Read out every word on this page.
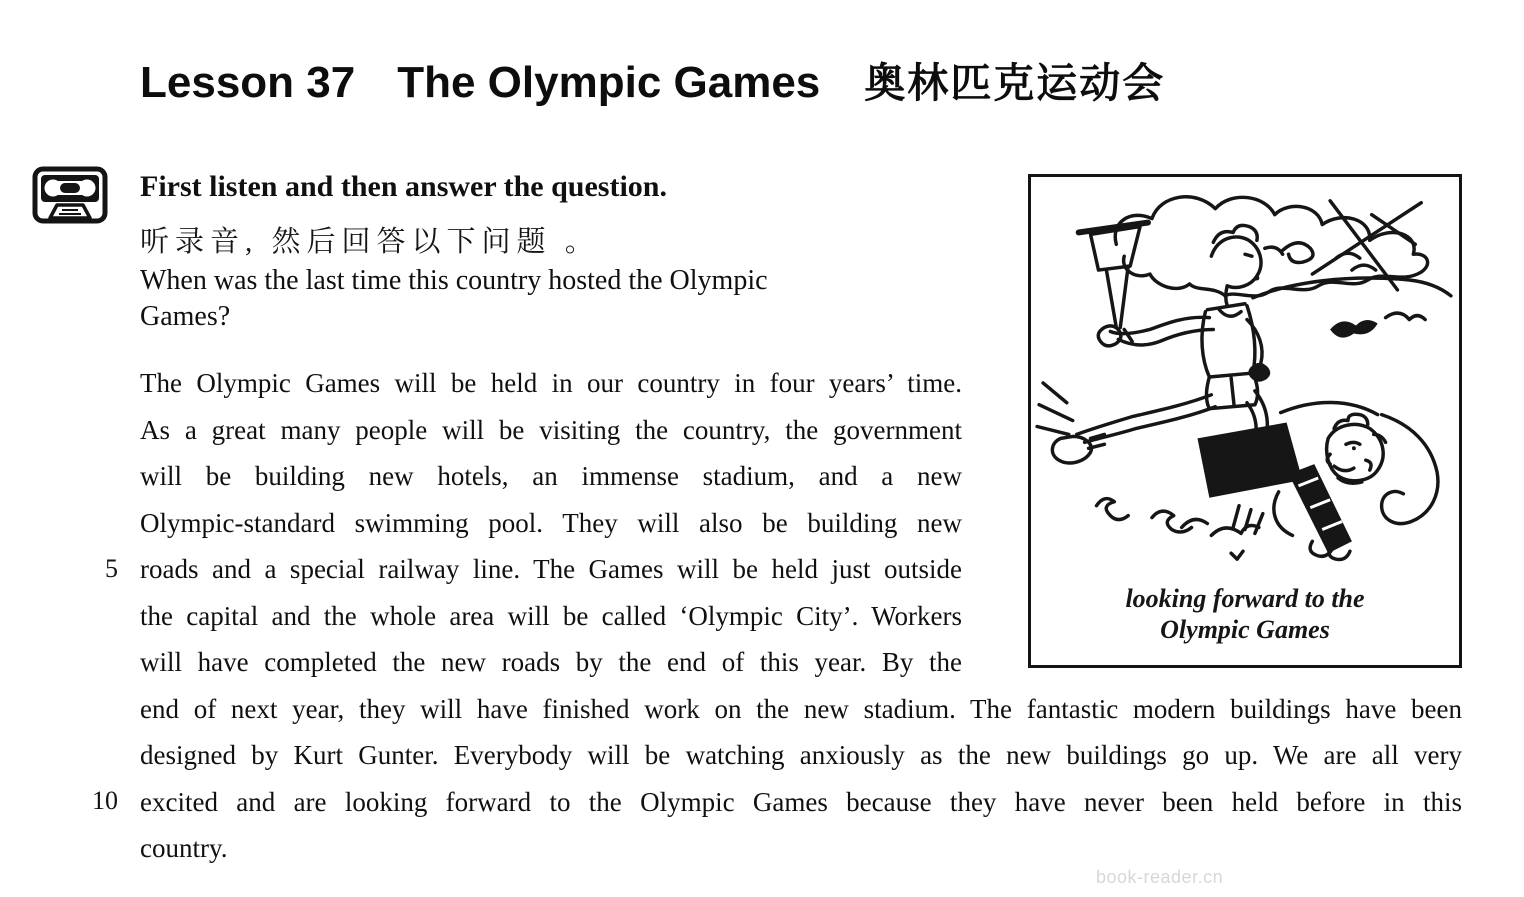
Lesson 37 The Olympic Games 奥林匹克运动会
First listen and then answer the question.
听录音, 然后回答以下问题 。
When was the last time this country hosted the Olympic
Games?
5
10
The Olympic Games will be held in our country in four years’ time.
As a great many people will be visiting the country, the government
will be building new hotels, an immense stadium, and a new
Olympic-standard swimming pool. They will also be building new
roads and a special railway line. The Games will be held just outside
the capital and the whole area will be called ‘Olympic City’. Workers
will have completed the new roads by the end of this year. By the
end of next year, they will have finished work on the new stadium. The fantastic modern buildings have been
designed by Kurt Gunter. Everybody will be watching anxiously as the new buildings go up. We are all very
excited and are looking forward to the Olympic Games because they have never been held before in this
country.
looking forward to the
Olympic Games
book-reader.cn
